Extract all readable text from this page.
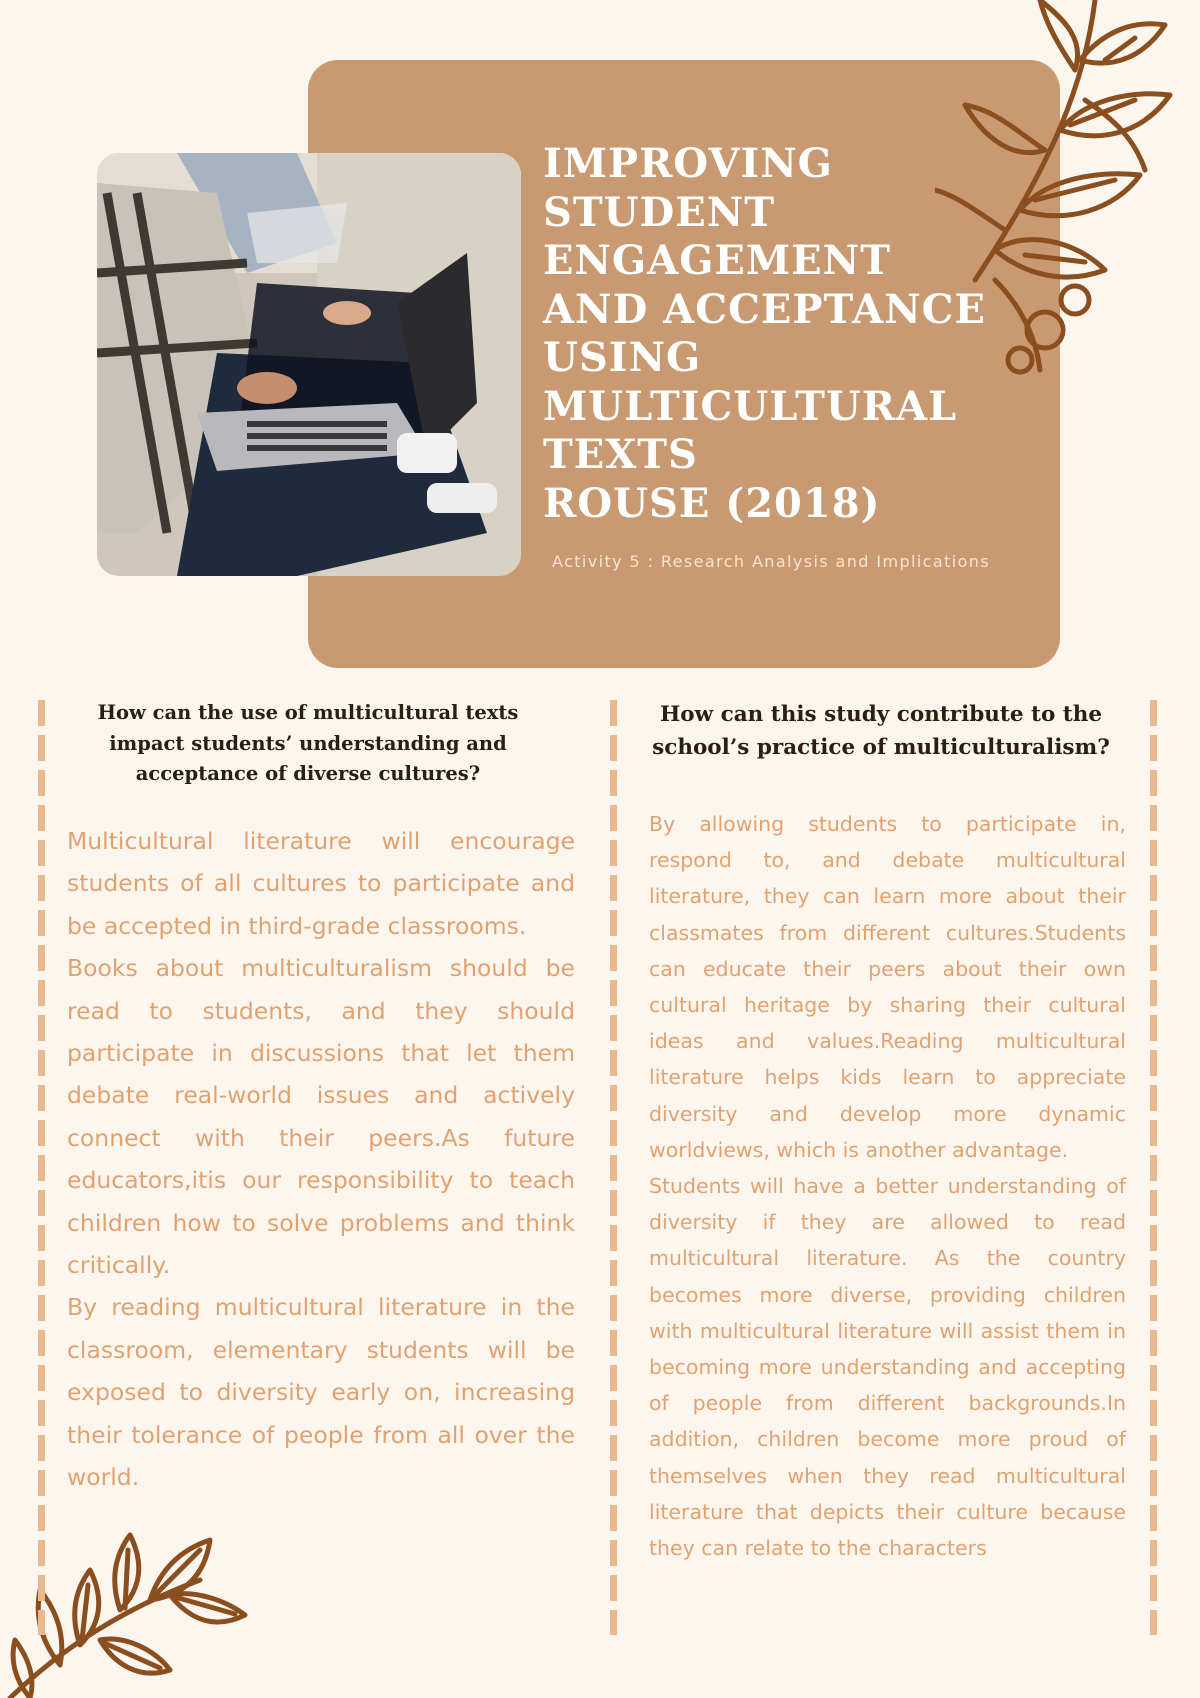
IMPROVING
STUDENT
ENGAGEMENT
AND ACCEPTANCE
USING
MULTICULTURAL
TEXTS
ROUSE (2018)
Activity 5 : Research Analysis and Implications
How can the use of multicultural texts impact students’ understanding and acceptance of diverse cultures?
How can this study contribute to the school’s practice of multiculturalism?

Multicultural literature will encourage students of all cultures to participate and be accepted in third-grade classrooms.

Books about multiculturalism should be read to students, and they should participate in discussions that let them debate real-world issues and actively connect with their peers.As future educators,itis our responsibility to teach children how to solve problems and think critically.

By reading multicultural literature in the classroom, elementary students will be exposed to diversity early on, increasing their tolerance of people from all over the world.

By allowing students to participate in, respond to, and debate multicultural literature, they can learn more about their classmates from different cultures.Students can educate their peers about their own cultural heritage by sharing their cultural ideas and values.Reading multicultural literature helps kids learn to appreciate diversity and develop more dynamic worldviews, which is another advantage.

Students will have a better understanding of diversity if they are allowed to read multicultural literature. As the country becomes more diverse, providing children with multicultural literature will assist them in becoming more understanding and accepting of people from different backgrounds.In addition, children become more proud of themselves when they read multicultural literature that depicts their culture because they can relate to the characters
